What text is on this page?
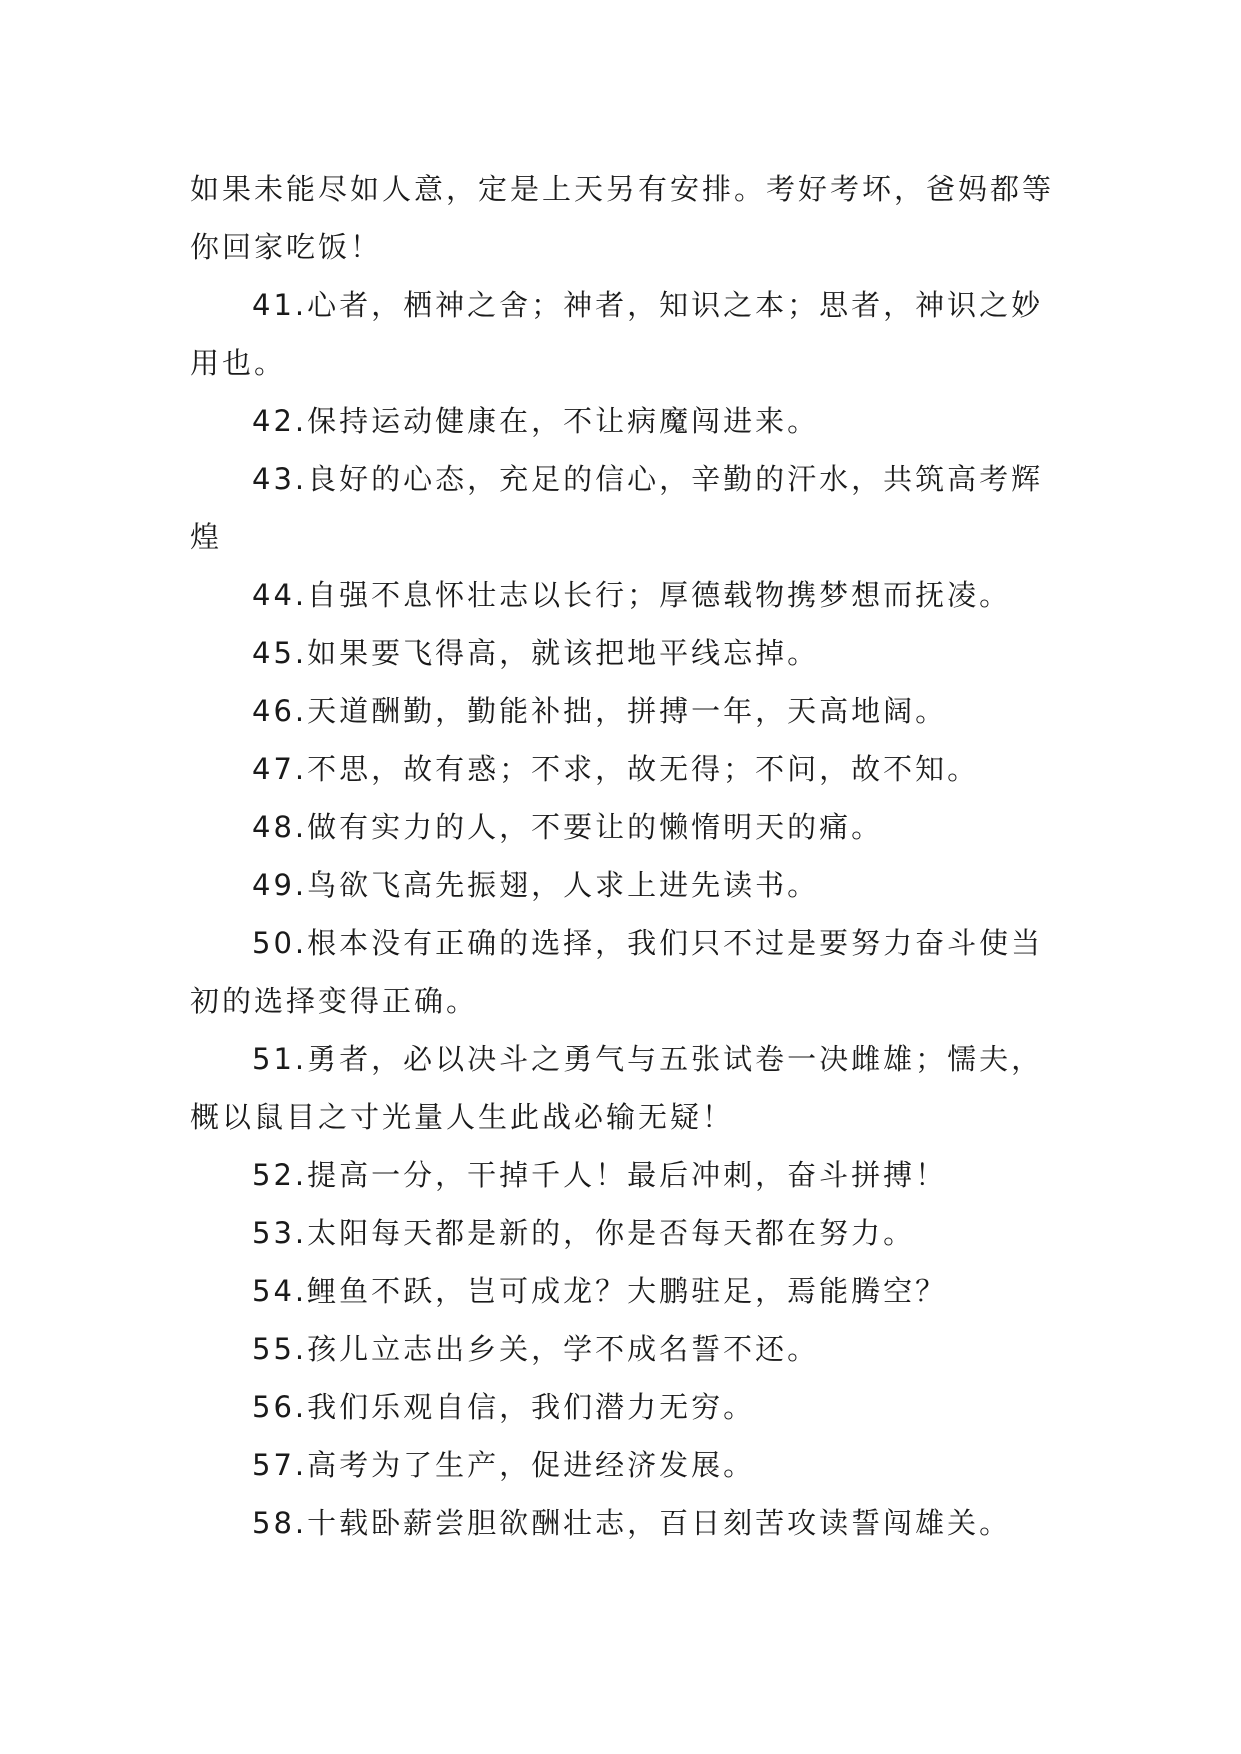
如果未能尽如人意，定是上天另有安排。考好考坏，爸妈都等你回家吃饭！

41.心者，栖神之舍；神者，知识之本；思者，神识之妙用也。

42.保持运动健康在，不让病魔闯进来。

43.良好的心态，充足的信心，辛勤的汗水，共筑高考辉煌

44.自强不息怀壮志以长行；厚德载物携梦想而抚凌。

45.如果要飞得高，就该把地平线忘掉。

46.天道酬勤，勤能补拙，拼搏一年，天高地阔。

47.不思，故有惑；不求，故无得；不问，故不知。

48.做有实力的人，不要让的懒惰明天的痛。

49.鸟欲飞高先振翅，人求上进先读书。

50.根本没有正确的选择，我们只不过是要努力奋斗使当初的选择变得正确。

51.勇者，必以决斗之勇气与五张试卷一决雌雄；懦夫，概以鼠目之寸光量人生此战必输无疑！

52.提高一分，干掉千人！最后冲刺，奋斗拼搏！

53.太阳每天都是新的，你是否每天都在努力。

54.鲤鱼不跃，岂可成龙？大鹏驻足，焉能腾空？

55.孩儿立志出乡关，学不成名誓不还。

56.我们乐观自信，我们潜力无穷。

57.高考为了生产，促进经济发展。

58.十载卧薪尝胆欲酬壮志，百日刻苦攻读誓闯雄关。
